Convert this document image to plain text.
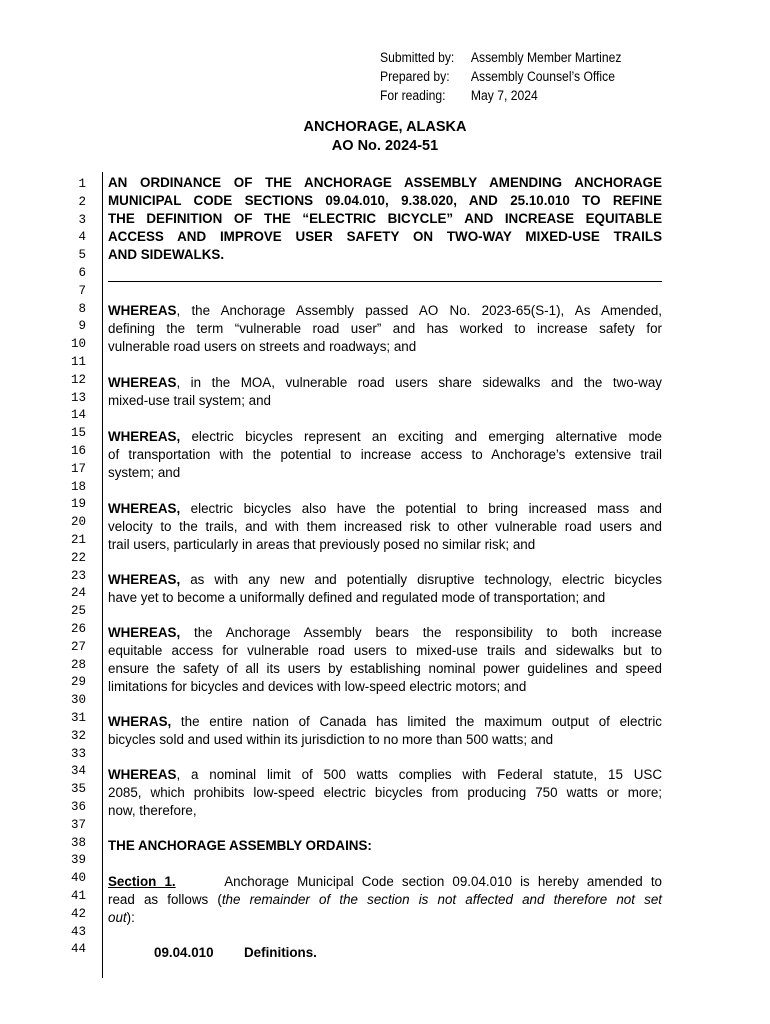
Submitted by:	Assembly Member Martinez
Prepared by:	Assembly Counsel’s Office
For reading:	May 7, 2024
ANCHORAGE, ALASKA
AO No. 2024-51
1
2
3
4
5
6
7
8
9
10
11
12
13
14
15
16
17
18
19
20
21
22
23
24
25
26
27
28
29
30
31
32
33
34
35
36
37
38
39
40
41
42
43
44
AN ORDINANCE OF THE ANCHORAGE ASSEMBLY AMENDING ANCHORAGE
MUNICIPAL CODE SECTIONS 09.04.010, 9.38.020, AND 25.10.010 TO REFINE
THE DEFINITION OF THE “ELECTRIC BICYCLE” AND INCREASE EQUITABLE
ACCESS AND IMPROVE USER SAFETY ON TWO-WAY MIXED-USE TRAILS
AND SIDEWALKS.
WHEREAS, the Anchorage Assembly passed AO No. 2023-65(S-1), As Amended,
defining the term “vulnerable road user” and has worked to increase safety for
vulnerable road users on streets and roadways; and
WHEREAS, in the MOA, vulnerable road users share sidewalks and the two-way
mixed-use trail system; and
WHEREAS, electric bicycles represent an exciting and emerging alternative mode
of transportation with the potential to increase access to Anchorage’s extensive trail
system; and
WHEREAS, electric bicycles also have the potential to bring increased mass and
velocity to the trails, and with them increased risk to other vulnerable road users and
trail users, particularly in areas that previously posed no similar risk; and
WHEREAS, as with any new and potentially disruptive technology, electric bicycles
have yet to become a uniformally defined and regulated mode of transportation; and
WHEREAS, the Anchorage Assembly bears the responsibility to both increase
equitable access for vulnerable road users to mixed-use trails and sidewalks but to
ensure the safety of all its users by establishing nominal power guidelines and speed
limitations for bicycles and devices with low-speed electric motors; and
WHERAS, the entire nation of Canada has limited the maximum output of electric
bicycles sold and used within its jurisdiction to no more than 500 watts; and
WHEREAS, a nominal limit of 500 watts complies with Federal statute, 15 USC
2085, which prohibits low-speed electric bicycles from producing 750 watts or more;
now, therefore,
THE ANCHORAGE ASSEMBLY ORDAINS:
Section 1.	Anchorage Municipal Code section 09.04.010 is hereby amended to
read as follows (the remainder of the section is not affected and therefore not set
out):
09.04.010 Definitions.
